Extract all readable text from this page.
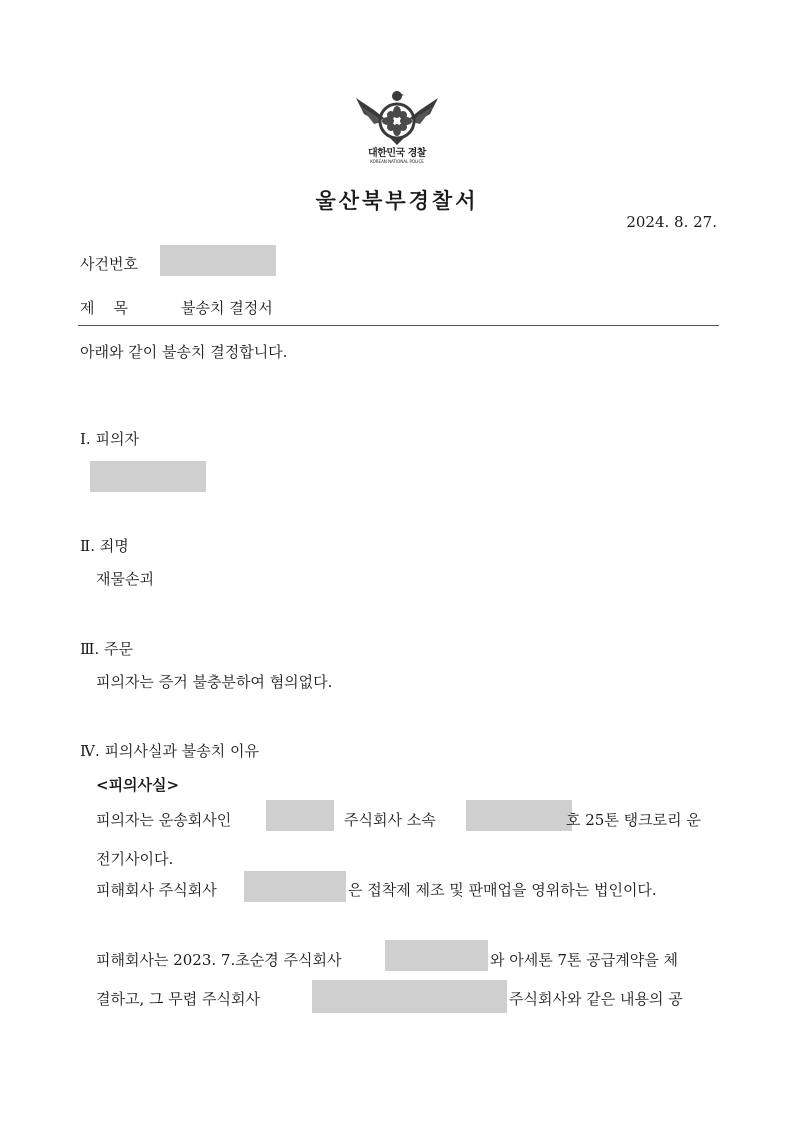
대한민국 경찰
KOREAN NATIONAL POLICE
울산북부경찰서
2024. 8. 27.
사건번호
제    목	불송치 결정서
아래와 같이 불송치 결정합니다.
Ⅰ. 피의자
Ⅱ. 죄명
재물손괴
Ⅲ. 주문
피의자는 증거 불충분하여 혐의없다.
Ⅳ. 피의사실과 불송치 이유
<피의사실>
피의자는 운송회사인	주식회사 소속	호 25톤 탱크로리 운
전기사이다.
피해회사 주식회사	은 접착제 제조 및 판매업을 영위하는 법인이다.
피해회사는 2023. 7.초순경 주식회사	와 아세톤 7톤 공급계약을 체
결하고, 그 무렵 주식회사	주식회사와 같은 내용의 공
